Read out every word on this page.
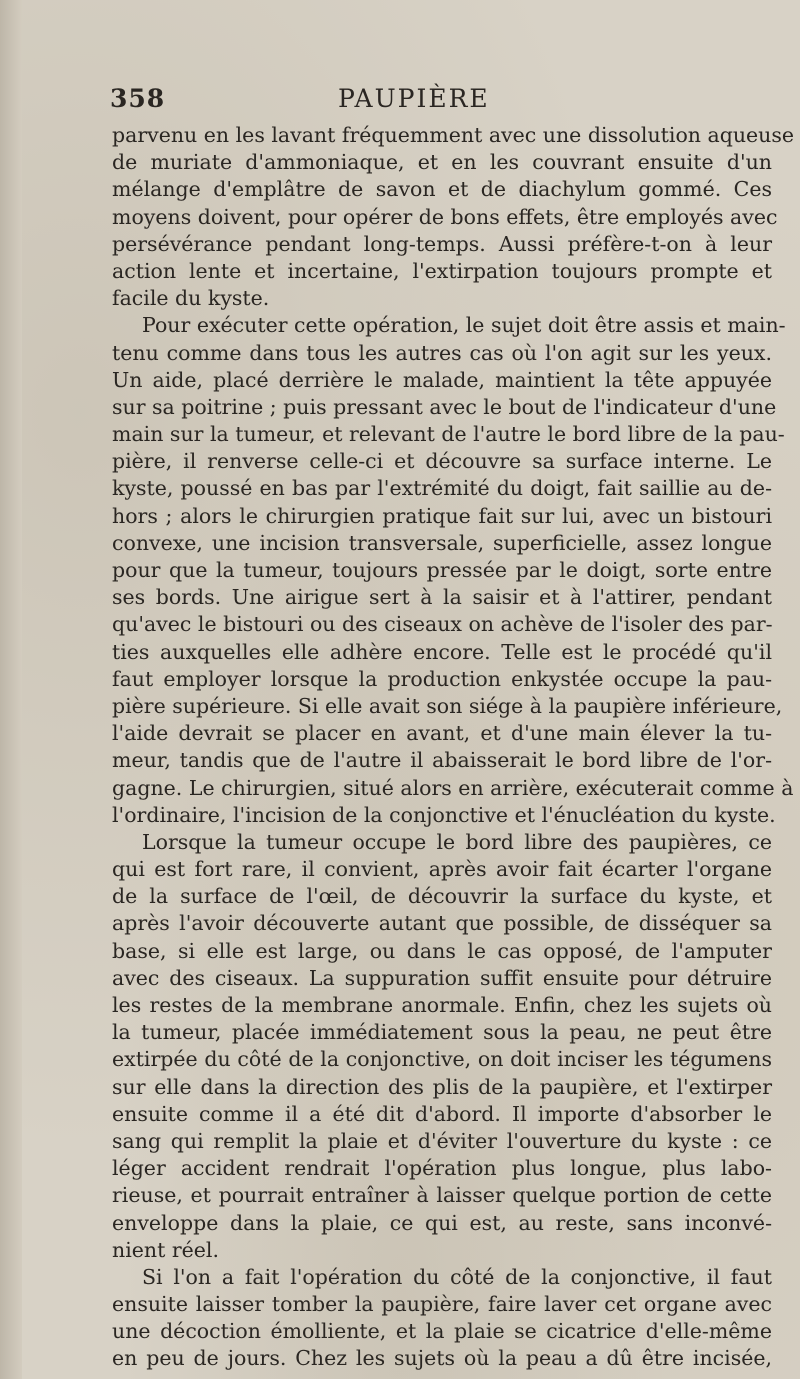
358	PAUPIÈRE
parvenu en les lavant fréquemment avec une dissolution aqueuse
de muriate d'ammoniaque, et en les couvrant ensuite d'un
mélange d'emplâtre de savon et de diachylum gommé. Ces
moyens doivent, pour opérer de bons effets, être employés avec
persévérance pendant long-temps. Aussi préfère-t-on à leur
action lente et incertaine, l'extirpation toujours prompte et
facile du kyste.
Pour exécuter cette opération, le sujet doit être assis et main-
tenu comme dans tous les autres cas où l'on agit sur les yeux.
Un aide, placé derrière le malade, maintient la tête appuyée
sur sa poitrine ; puis pressant avec le bout de l'indicateur d'une
main sur la tumeur, et relevant de l'autre le bord libre de la pau-
pière, il renverse celle-ci et découvre sa surface interne. Le
kyste, poussé en bas par l'extrémité du doigt, fait saillie au de-
hors ; alors le chirurgien pratique fait sur lui, avec un bistouri
convexe, une incision transversale, superficielle, assez longue
pour que la tumeur, toujours pressée par le doigt, sorte entre
ses bords. Une airigue sert à la saisir et à l'attirer, pendant
qu'avec le bistouri ou des ciseaux on achève de l'isoler des par-
ties auxquelles elle adhère encore. Telle est le procédé qu'il
faut employer lorsque la production enkystée occupe la pau-
pière supérieure. Si elle avait son siége à la paupière inférieure,
l'aide devrait se placer en avant, et d'une main élever la tu-
meur, tandis que de l'autre il abaisserait le bord libre de l'or-
gagne. Le chirurgien, situé alors en arrière, exécuterait comme à
l'ordinaire, l'incision de la conjonctive et l'énucléation du kyste.
Lorsque la tumeur occupe le bord libre des paupières, ce
qui est fort rare, il convient, après avoir fait écarter l'organe
de la surface de l'œil, de découvrir la surface du kyste, et
après l'avoir découverte autant que possible, de disséquer sa
base, si elle est large, ou dans le cas opposé, de l'amputer
avec des ciseaux. La suppuration suffit ensuite pour détruire
les restes de la membrane anormale. Enfin, chez les sujets où
la tumeur, placée immédiatement sous la peau, ne peut être
extirpée du côté de la conjonctive, on doit inciser les tégumens
sur elle dans la direction des plis de la paupière, et l'extirper
ensuite comme il a été dit d'abord. Il importe d'absorber le
sang qui remplit la plaie et d'éviter l'ouverture du kyste : ce
léger accident rendrait l'opération plus longue, plus labo-
rieuse, et pourrait entraîner à laisser quelque portion de cette
enveloppe dans la plaie, ce qui est, au reste, sans inconvé-
nient réel.
Si l'on a fait l'opération du côté de la conjonctive, il faut
ensuite laisser tomber la paupière, faire laver cet organe avec
une décoction émolliente, et la plaie se cicatrice d'elle-même
en peu de jours. Chez les sujets où la peau a dû être incisée,
